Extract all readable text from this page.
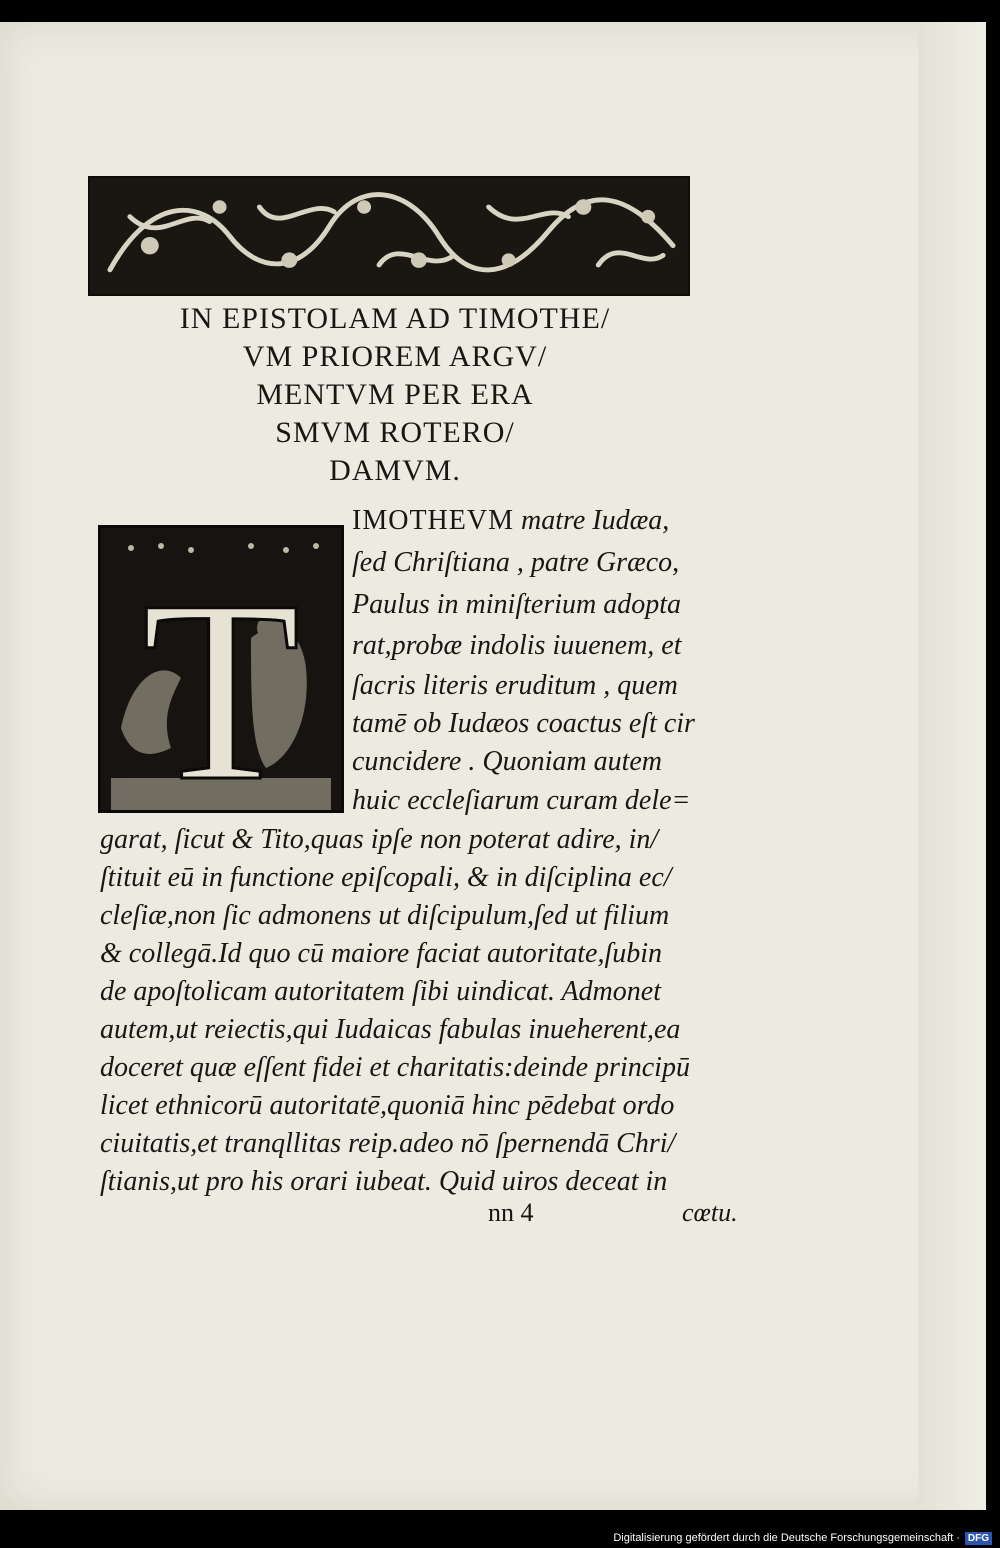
IN EPISTOLAM AD TIMOTHE/
VM PRIOREM ARGV/
MENTVM PER ERA
SMVM ROTERO/
DAMVM.
T
IMOTHEVM matre Iudæa,
ſed Chriſtiana , patre Græco,
Paulus in miniſterium adopta
rat,probæ indolis iuuenem, et
ſacris literis eruditum , quem
tamē ob Iudæos coactus eſt cir
cuncidere . Quoniam autem
huic eccleſiarum curam dele=
garat, ſicut & Tito,quas ipſe non poterat adire, in/
ſtituit eū in functione epiſcopali, & in diſciplina ec/
cleſiæ,non ſic admonens ut diſcipulum,ſed ut filium
& collegā.Id quo cū maiore faciat autoritate,ſubin
de apoſtolicam autoritatem ſibi uindicat. Admonet
autem,ut reiectis,qui Iudaicas fabulas inueherent,ea
doceret quæ eſſent fidei et charitatis:deinde principū
licet ethnicorū autoritatē,quoniā hinc pēdebat ordo
ciuitatis,et tranqllitas reip.adeo nō ſpernendā Chri/
ſtianis,ut pro his orari iubeat. Quid uiros deceat in
nn 4	cœtu.
Digitalisierung gefördert durch die Deutsche Forschungsgemeinschaft · DFG
